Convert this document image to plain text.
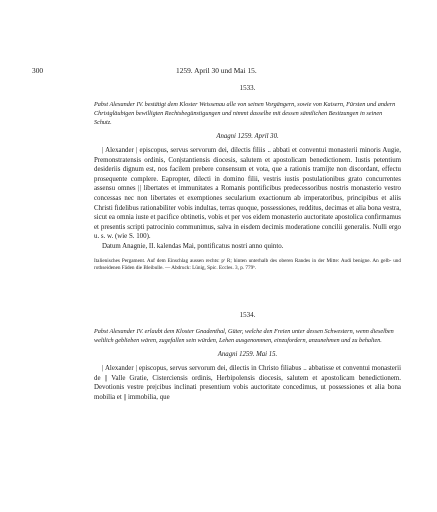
300	1259. April 30 und Mai 15.
1533.

Pabst Alexander IV. bestätigt dem Kloster Weissenau alle von seinen Vorgängern, sowie von Kaisern, Fürsten und andern Christgläubigen bewilligten Rechtsbegünstigungen und nimmt dasselbe mit dessen sämtlichen Besitzungen in seinen Schutz.

Anagni 1259. April 30.

| Alexander | episcopus, servus servorum dei, dilectis filiis .. abbati et conventui monasterii minoris Augie, Premonstratensis ordinis, Con|stantiensis diocesis, salutem et apostolicam benedictionem. Iustis petentium desideriis dignum est, nos facilem prebere consensum et vota, que a rationis tramijte non discordant, effectu prosequente complere. Eapropter, dilecti in domino filii, vestris iustis postulationibus grato concurrentes assensu omnes || libertates et immunitates a Romanis pontificibus predecessoribus nostris monasterio vestro concessas nec non libertates et exemptiones secularium exactionum ab imperatoribus, principibus et aliis Christi fidelibus rationabiliter vobis indultas, terras quoque, possessiones, redditus, decimas et alia bona vestra, sicut ea omnia iuste et pacifice obtinetis, vobis et per vos eidem monasterio auctoritate apostolica confirmamus et presentis scripti patrocinio communimus, salva in eisdem decimis moderatione concilii generalis. Nulli ergo u. s. w. (wie S. 100).

Datum Anagnie, II. kalendas Mai, pontificatus nostri anno quinto.

Italienisches Pergament. Auf dem Einschlag aussen rechts: pᵗ R; hinten unterhalb des oberen Randes in der Mitte: Audi benigne. An gelb- und rothseidenen Fäden die Bleibulle. — Abdruck: Lünig, Spic. Eccles. 3, p. 779ᵇ.

1534.

Pabst Alexander IV. erlaubt dem Kloster Gnadenthal, Güter, welche den Freien unter dessen Schwestern, wenn dieselben weltlich geblieben wären, zugefallen sein würden, Lehen ausgenommen, einzufordern, anzunehmen und zu behalten.

Anagni 1259. Mai 15.

| Alexander | episcopus, servus servorum dei, dilectis in Christo filiabus .. abbatisse et conventui monasterii de || Valle Gratie, Cisterciensis ordinis, Herbipolensis diocesis, salutem et apostolicam benedictionem. Devotionis vestre pre|cibus inclinati presentium vobis auctoritate concedimus, ut possessiones et alia bona mobilia et || immobilia, que
